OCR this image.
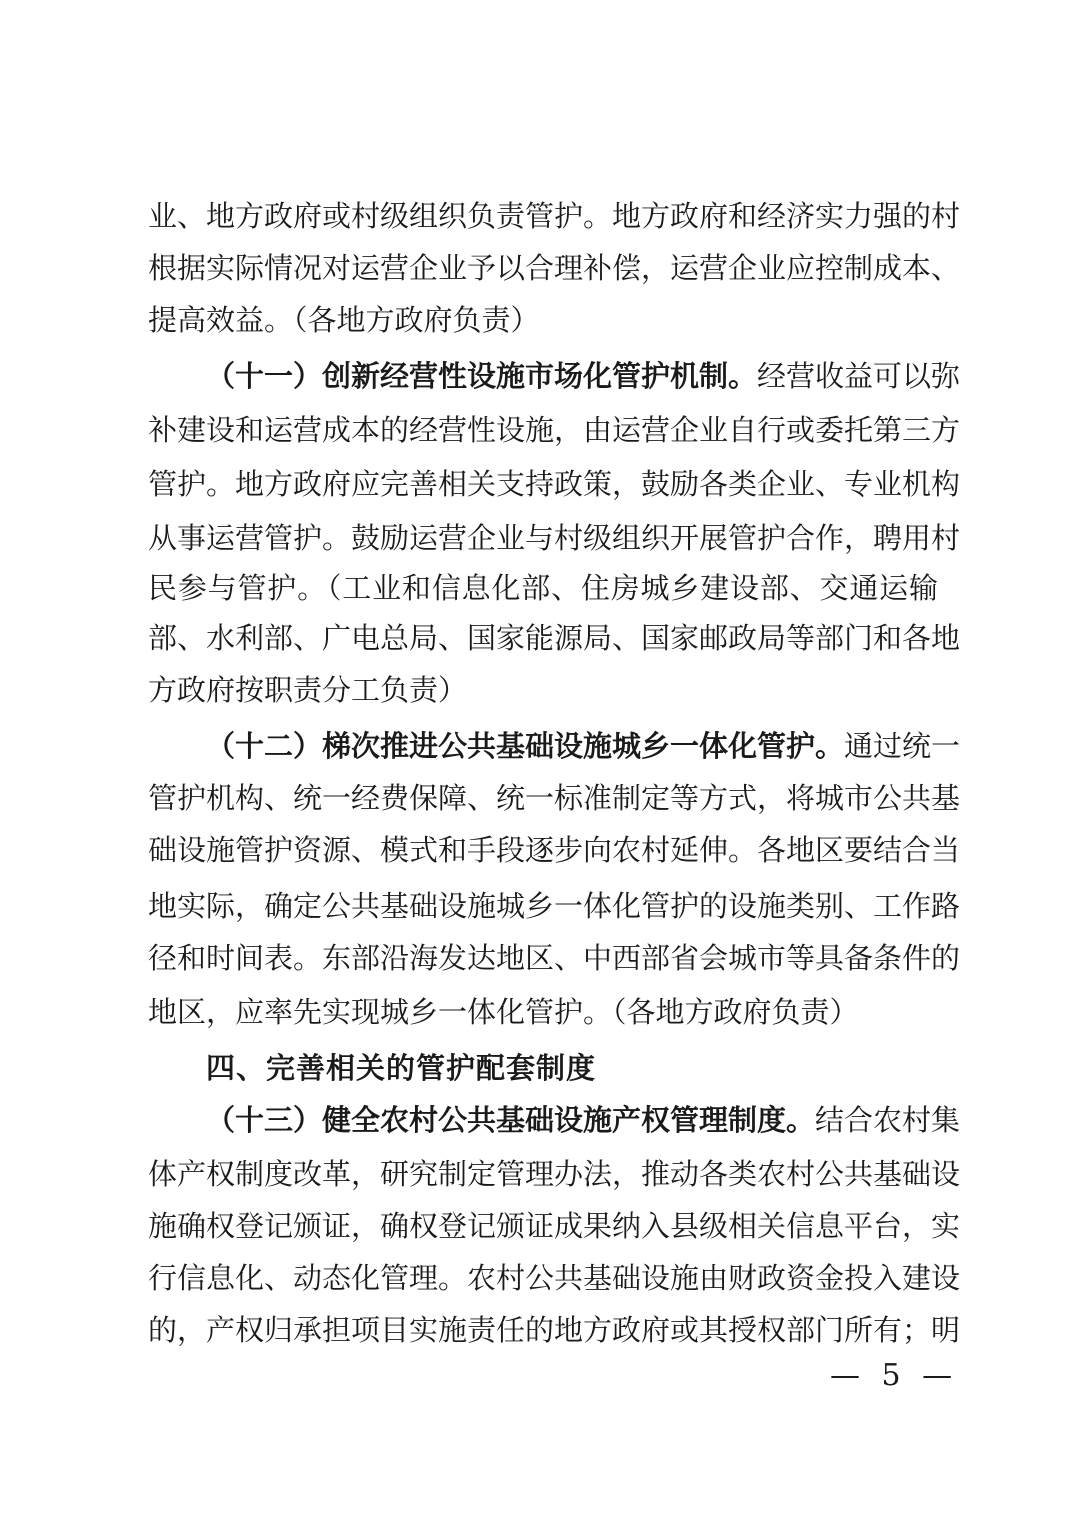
业、地方政府或村级组织负责管护。地方政府和经济实力强的村
根据实际情况对运营企业予以合理补偿，运营企业应控制成本、
提高效益。（各地方政府负责）
（十一）创新经营性设施市场化管护机制。经营收益可以弥
补建设和运营成本的经营性设施，由运营企业自行或委托第三方
管护。地方政府应完善相关支持政策，鼓励各类企业、专业机构
从事运营管护。鼓励运营企业与村级组织开展管护合作，聘用村
民参与管护。（工业和信息化部、住房城乡建设部、交通运输
部、水利部、广电总局、国家能源局、国家邮政局等部门和各地
方政府按职责分工负责）
（十二）梯次推进公共基础设施城乡一体化管护。通过统一
管护机构、统一经费保障、统一标准制定等方式，将城市公共基
础设施管护资源、模式和手段逐步向农村延伸。各地区要结合当
地实际，确定公共基础设施城乡一体化管护的设施类别、工作路
径和时间表。东部沿海发达地区、中西部省会城市等具备条件的
地区，应率先实现城乡一体化管护。（各地方政府负责）
四、完善相关的管护配套制度
（十三）健全农村公共基础设施产权管理制度。结合农村集
体产权制度改革，研究制定管理办法，推动各类农村公共基础设
施确权登记颁证，确权登记颁证成果纳入县级相关信息平台，实
行信息化、动态化管理。农村公共基础设施由财政资金投入建设
的，产权归承担项目实施责任的地方政府或其授权部门所有；明
— 5 —
